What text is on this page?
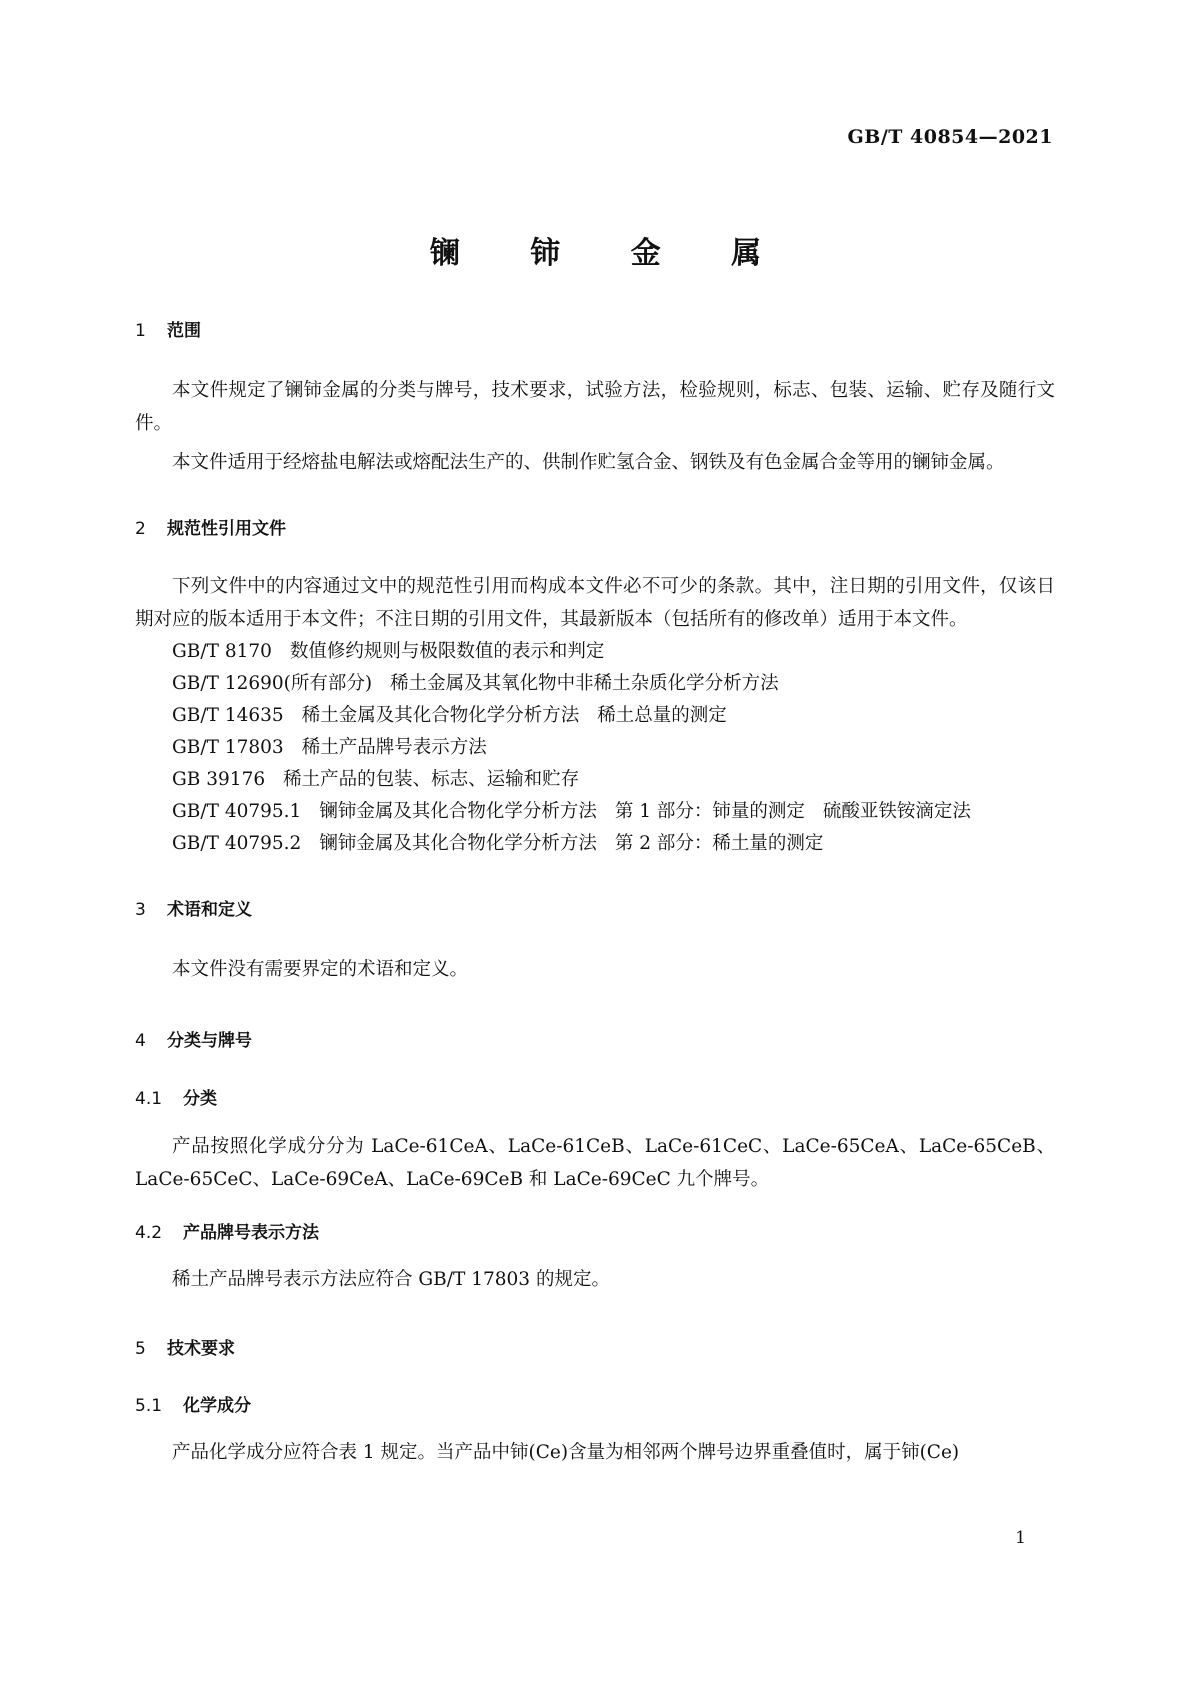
GB/T 40854—2021
镧 铈 金 属
1 范围

本文件规定了镧铈金属的分类与牌号，技术要求，试验方法，检验规则，标志、包装、运输、贮存及随行文件。

本文件适用于经熔盐电解法或熔配法生产的、供制作贮氢合金、钢铁及有色金属合金等用的镧铈金属。

2 规范性引用文件

下列文件中的内容通过文中的规范性引用而构成本文件必不可少的条款。其中，注日期的引用文件，仅该日期对应的版本适用于本文件；不注日期的引用文件，其最新版本（包括所有的修改单）适用于本文件。

GB/T 8170 数值修约规则与极限数值的表示和判定

GB/T 12690(所有部分) 稀土金属及其氧化物中非稀土杂质化学分析方法

GB/T 14635 稀土金属及其化合物化学分析方法 稀土总量的测定

GB/T 17803 稀土产品牌号表示方法

GB 39176 稀土产品的包装、标志、运输和贮存

GB/T 40795.1 镧铈金属及其化合物化学分析方法 第 1 部分：铈量的测定 硫酸亚铁铵滴定法

GB/T 40795.2 镧铈金属及其化合物化学分析方法 第 2 部分：稀土量的测定

3 术语和定义

本文件没有需要界定的术语和定义。

4 分类与牌号
4.1 分类

产品按照化学成分分为 LaCe-61CeA、LaCe-61CeB、LaCe-61CeC、LaCe-65CeA、LaCe-65CeB、LaCe-65CeC、LaCe-69CeA、LaCe-69CeB 和 LaCe-69CeC 九个牌号。

4.2 产品牌号表示方法

稀土产品牌号表示方法应符合 GB/T 17803 的规定。

5 技术要求
5.1 化学成分

产品化学成分应符合表 1 规定。当产品中铈(Ce)含量为相邻两个牌号边界重叠值时，属于铈(Ce)

1
